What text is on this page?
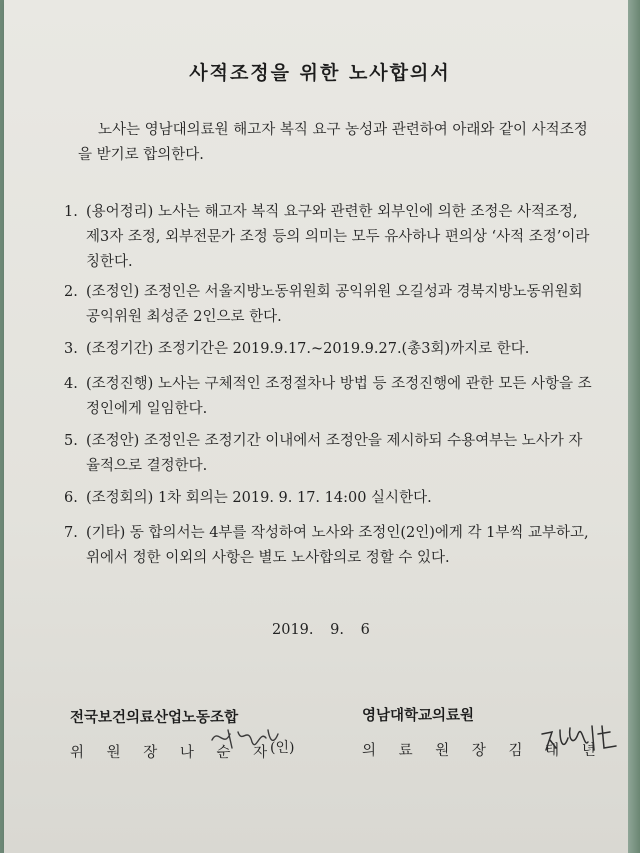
사적조정을 위한 노사합의서

노사는 영남대의료원 해고자 복직 요구 농성과 관련하여 아래와 같이 사적조정을 받기로 합의한다.

1. (용어정리) 노사는 해고자 복직 요구와 관련한 외부인에 의한 조정은 사적조정, 제3자 조정, 외부전문가 조정 등의 의미는 모두 유사하나 편의상 ‘사적 조정’이라 칭한다.
2. (조정인) 조정인은 서울지방노동위원회 공익위원 오길성과 경북지방노동위원회 공익위원 최성준 2인으로 한다.
3. (조정기간) 조정기간은 2019.9.17.~2019.9.27.(총3회)까지로 한다.
4. (조정진행) 노사는 구체적인 조정절차나 방법 등 조정진행에 관한 모든 사항을 조정인에게 일임한다.
5. (조정안) 조정인은 조정기간 이내에서 조정안을 제시하되 수용여부는 노사가 자율적으로 결정한다.
6. (조정회의) 1차 회의는 2019. 9. 17. 14:00 실시한다.
7. (기타) 동 합의서는 4부를 작성하여 노사와 조정인(2인)에게 각 1부씩 교부하고, 위에서 정한 이외의 사항은 별도 노사합의로 정할 수 있다.
2019. 9. 6
전국보건의료산업노동조합
위 원 장 나 순 자
(인)
영남대학교의료원
의 료 원 장 김 태 년
